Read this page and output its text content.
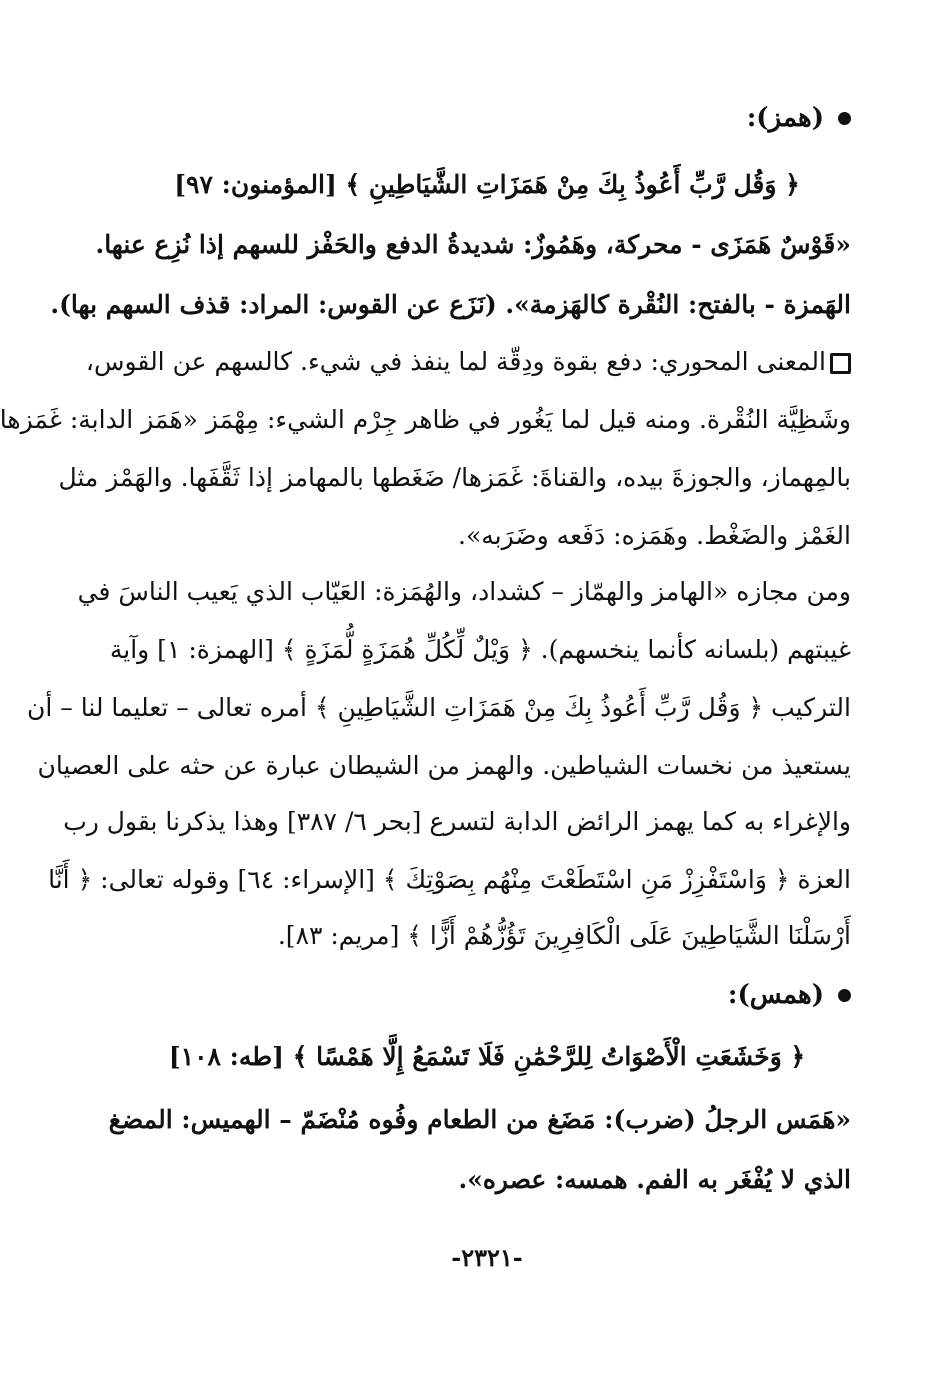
(همز):
﴿ وَقُل رَّبِّ أَعُوذُ بِكَ مِنْ هَمَزَاتِ الشَّيَاطِينِ ﴾ [المؤمنون: ٩٧]
«قَوْسٌ هَمَزَى - محركة، وهَمُوزٌ: شديدةُ الدفع والحَفْز للسهم إذا نُزِع عنها.
الهَمزة - بالفتح: النُقْرة كالهَزمة». (نَزَع عن القوس: المراد: قذف السهم بها).
المعنى المحوري: دفع بقوة ودِقّة لما ينفذ في شيء. كالسهم عن القوس،
وشَظِيَّة النُقْرة. ومنه قيل لما يَغُور في ظاهر جِرْم الشيء: مِهْمَز «هَمَز الدابة: غَمَزها
بالمِهماز، والجوزةَ بيده، والقناةَ: غَمَزها/ ضَغَطها بالمهامز إذا ثَقَّفَها. والهَمْز مثل
الغَمْز والضَغْط. وهَمَزه: دَفَعه وضَرَبه».
ومن مجازه «الهامز والهمّاز – كشداد، والهُمَزة: العَيّاب الذي يَعيب الناسَ في
غيبتهم (بلسانه كأنما ينخسهم). ﴿ وَيْلٌ لِّكُلِّ هُمَزَةٍ لُّمَزَةٍ ﴾ [الهمزة: ١] وآية
التركيب ﴿ وَقُل رَّبِّ أَعُوذُ بِكَ مِنْ هَمَزَاتِ الشَّيَاطِينِ ﴾ أمره تعالى – تعليما لنا – أن
يستعيذ من نخسات الشياطين. والهمز من الشيطان عبارة عن حثه على العصيان
والإغراء به كما يهمز الرائض الدابة لتسرع [بحر ٦/ ٣٨٧] وهذا يذكرنا بقول رب
العزة ﴿ وَاسْتَفْزِزْ مَنِ اسْتَطَعْتَ مِنْهُم بِصَوْتِكَ ﴾ [الإسراء: ٦٤] وقوله تعالى: ﴿ أَنَّا
أَرْسَلْنَا الشَّيَاطِينَ عَلَى الْكَافِرِينَ تَؤُزُّهُمْ أَزًّا ﴾ [مريم: ٨٣].
(همس):
﴿ وَخَشَعَتِ الْأَصْوَاتُ لِلرَّحْمَٰنِ فَلَا تَسْمَعُ إِلَّا هَمْسًا ﴾ [طه: ١٠٨]
«هَمَس الرجلُ (ضرب): مَضَغ من الطعام وفُوه مُنْضَمّ – الهميس: المضغ
الذي لا يُفْغَر به الفم. همسه: عصره».
-٢٣٢١-
